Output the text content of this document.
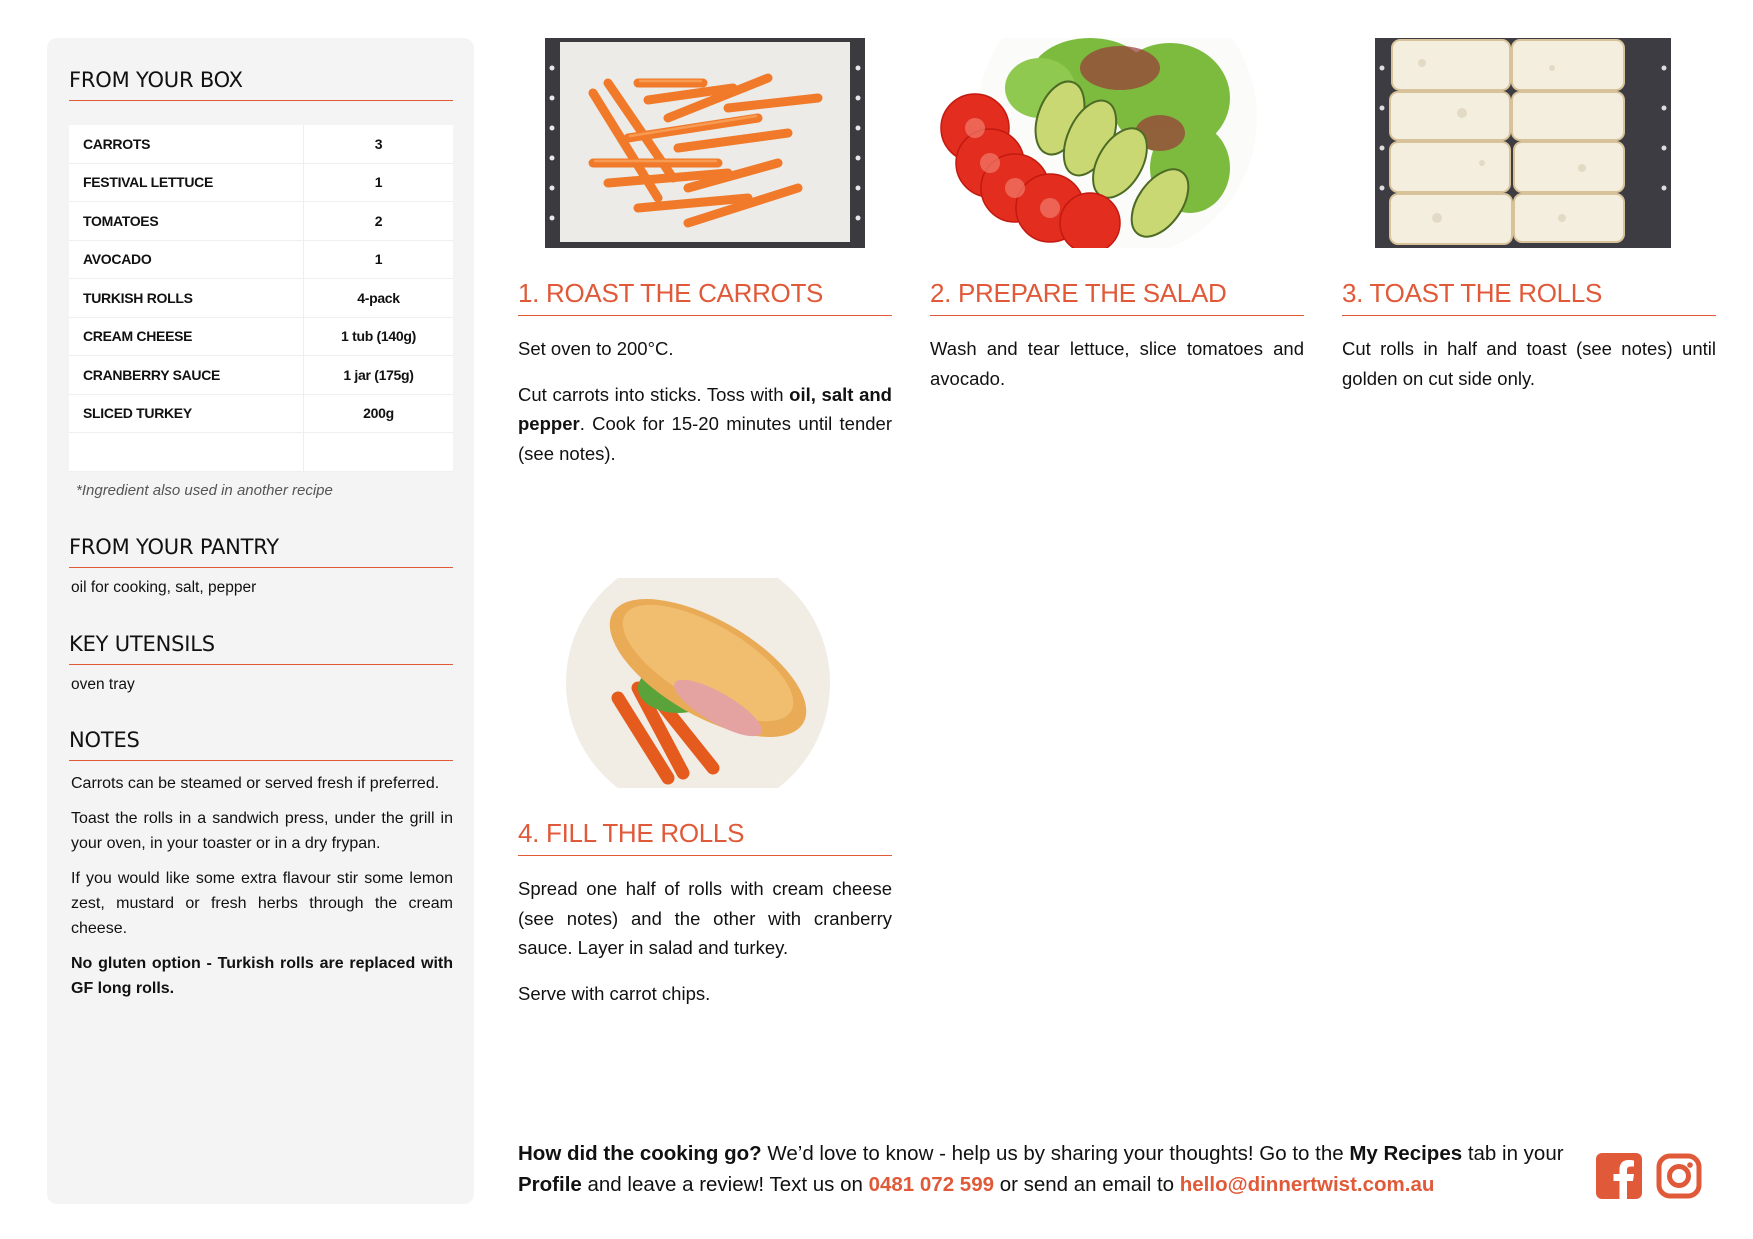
FROM YOUR BOX
CARROTS	3
FESTIVAL LETTUCE	1
TOMATOES	2
AVOCADO	1
TURKISH ROLLS	4-pack
CREAM CHEESE	1 tub (140g)
CRANBERRY SAUCE	1 jar (175g)
SLICED TURKEY	200g

*Ingredient also used in another recipe
FROM YOUR PANTRY

oil for cooking, salt, pepper

KEY UTENSILS

oven tray

NOTES

Carrots can be steamed or served fresh if preferred.

Toast the rolls in a sandwich press, under the grill in your oven, in your toaster or in a dry frypan.

If you would like some extra flavour stir some lemon zest, mustard or fresh herbs through the cream cheese.

No gluten option - Turkish rolls are replaced with GF long rolls.

1. ROAST THE CARROTS

Set oven to 200°C.

Cut carrots into sticks. Toss with oil, salt and pepper. Cook for 15-20 minutes until tender (see notes).

2. PREPARE THE SALAD

Wash and tear lettuce, slice tomatoes and avocado.

3. TOAST THE ROLLS

Cut rolls in half and toast (see notes) until golden on cut side only.

4. FILL THE ROLLS

Spread one half of rolls with cream cheese (see notes) and the other with cranberry sauce. Layer in salad and turkey.

Serve with carrot chips.

How did the cooking go? We’d love to know - help us by sharing your thoughts! Go to the My Recipes tab in your Profile and leave a review! Text us on 0481 072 599 or send an email to hello@dinnertwist.com.au
